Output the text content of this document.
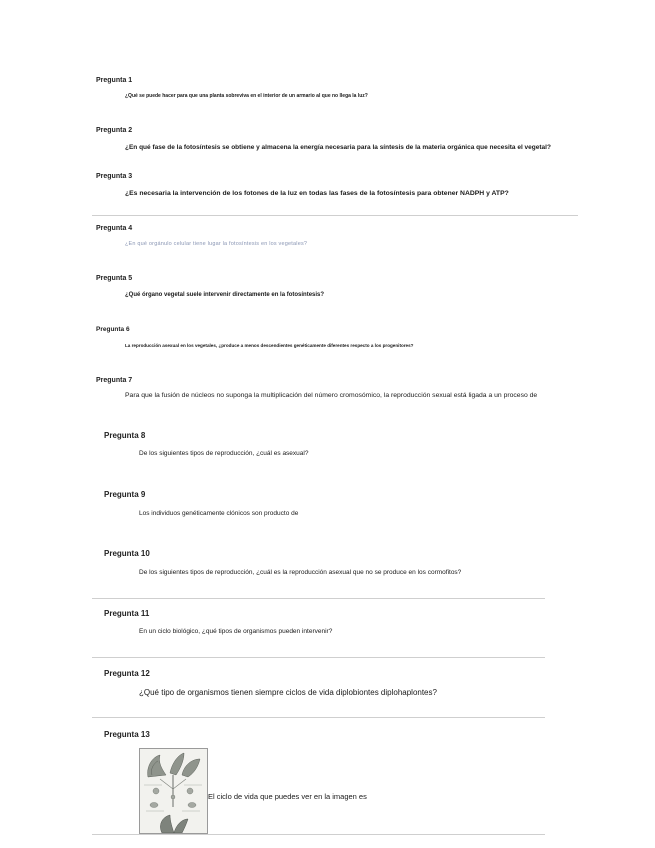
Pregunta 1
¿Qué se puede hacer para que una planta sobreviva en el interior de un armario al que no llega la luz?
Pregunta 2
¿En qué fase de la fotosíntesis se obtiene y almacena la energía necesaria para la síntesis de la materia orgánica que necesita el vegetal?
Pregunta 3
¿Es necesaria la intervención de los fotones de la luz en todas las fases de la fotosíntesis para obtener NADPH y ATP?
Pregunta 4
¿En qué orgánulo celular tiene lugar la fotosíntesis en los vegetales?
Pregunta 5
¿Qué órgano vegetal suele intervenir directamente en la fotosíntesis?
Pregunta 6
La reproducción asexual en los vegetales, ¿produce a menos descendientes genéticamente diferentes respecto a los progenitores?
Pregunta 7
Para que la fusión de núcleos no suponga la multiplicación del número cromosómico, la reproducción sexual está ligada a un proceso de
Pregunta 8
De los siguientes tipos de reproducción, ¿cuál es asexual?
Pregunta 9
Los individuos genéticamente clónicos son producto de
Pregunta 10
De los siguientes tipos de reproducción, ¿cuál es la reproducción asexual que no se produce en los cormofitos?
Pregunta 11
En un ciclo biológico, ¿qué tipos de organismos pueden intervenir?
Pregunta 12
¿Qué tipo de organismos tienen siempre ciclos de vida diplobiontes diplohaplontes?
Pregunta 13
El ciclo de vida que puedes ver en la imagen es
